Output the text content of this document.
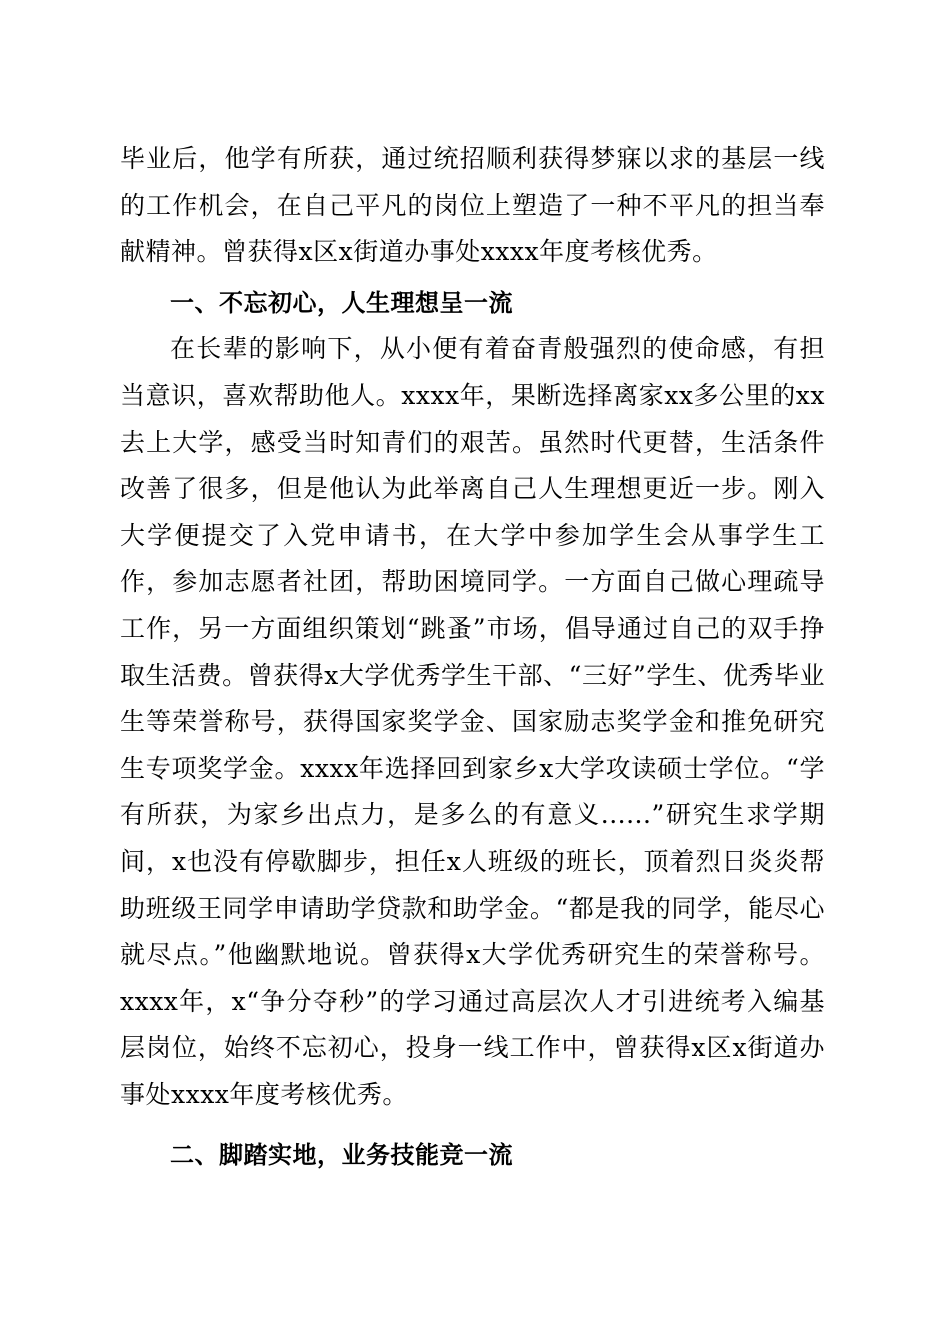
毕业后，他学有所获，通过统招顺利获得梦寐以求的基层一线的工作机会，在自己平凡的岗位上塑造了一种不平凡的担当奉献精神。曾获得x区x街道办事处xxxx年度考核优秀。

一、不忘初心，人生理想呈一流

在长辈的影响下，从小便有着奋青般强烈的使命感，有担当意识，喜欢帮助他人。xxxx年，果断选择离家xx多公里的xx去上大学，感受当时知青们的艰苦。虽然时代更替，生活条件改善了很多，但是他认为此举离自己人生理想更近一步。刚入大学便提交了入党申请书，在大学中参加学生会从事学生工作，参加志愿者社团，帮助困境同学。一方面自己做心理疏导工作，另一方面组织策划“跳蚤”市场，倡导通过自己的双手挣取生活费。曾获得x大学优秀学生干部、“三好”学生、优秀毕业生等荣誉称号，获得国家奖学金、国家励志奖学金和推免研究生专项奖学金。xxxx年选择回到家乡x大学攻读硕士学位。“学有所获，为家乡出点力，是多么的有意义......”研究生求学期间，x也没有停歇脚步，担任x人班级的班长，顶着烈日炎炎帮助班级王同学申请助学贷款和助学金。“都是我的同学，能尽心就尽点。”他幽默地说。曾获得x大学优秀研究生的荣誉称号。xxxx年，x“争分夺秒”的学习通过高层次人才引进统考入编基层岗位，始终不忘初心，投身一线工作中，曾获得x区x街道办事处xxxx年度考核优秀。

二、脚踏实地，业务技能竞一流
